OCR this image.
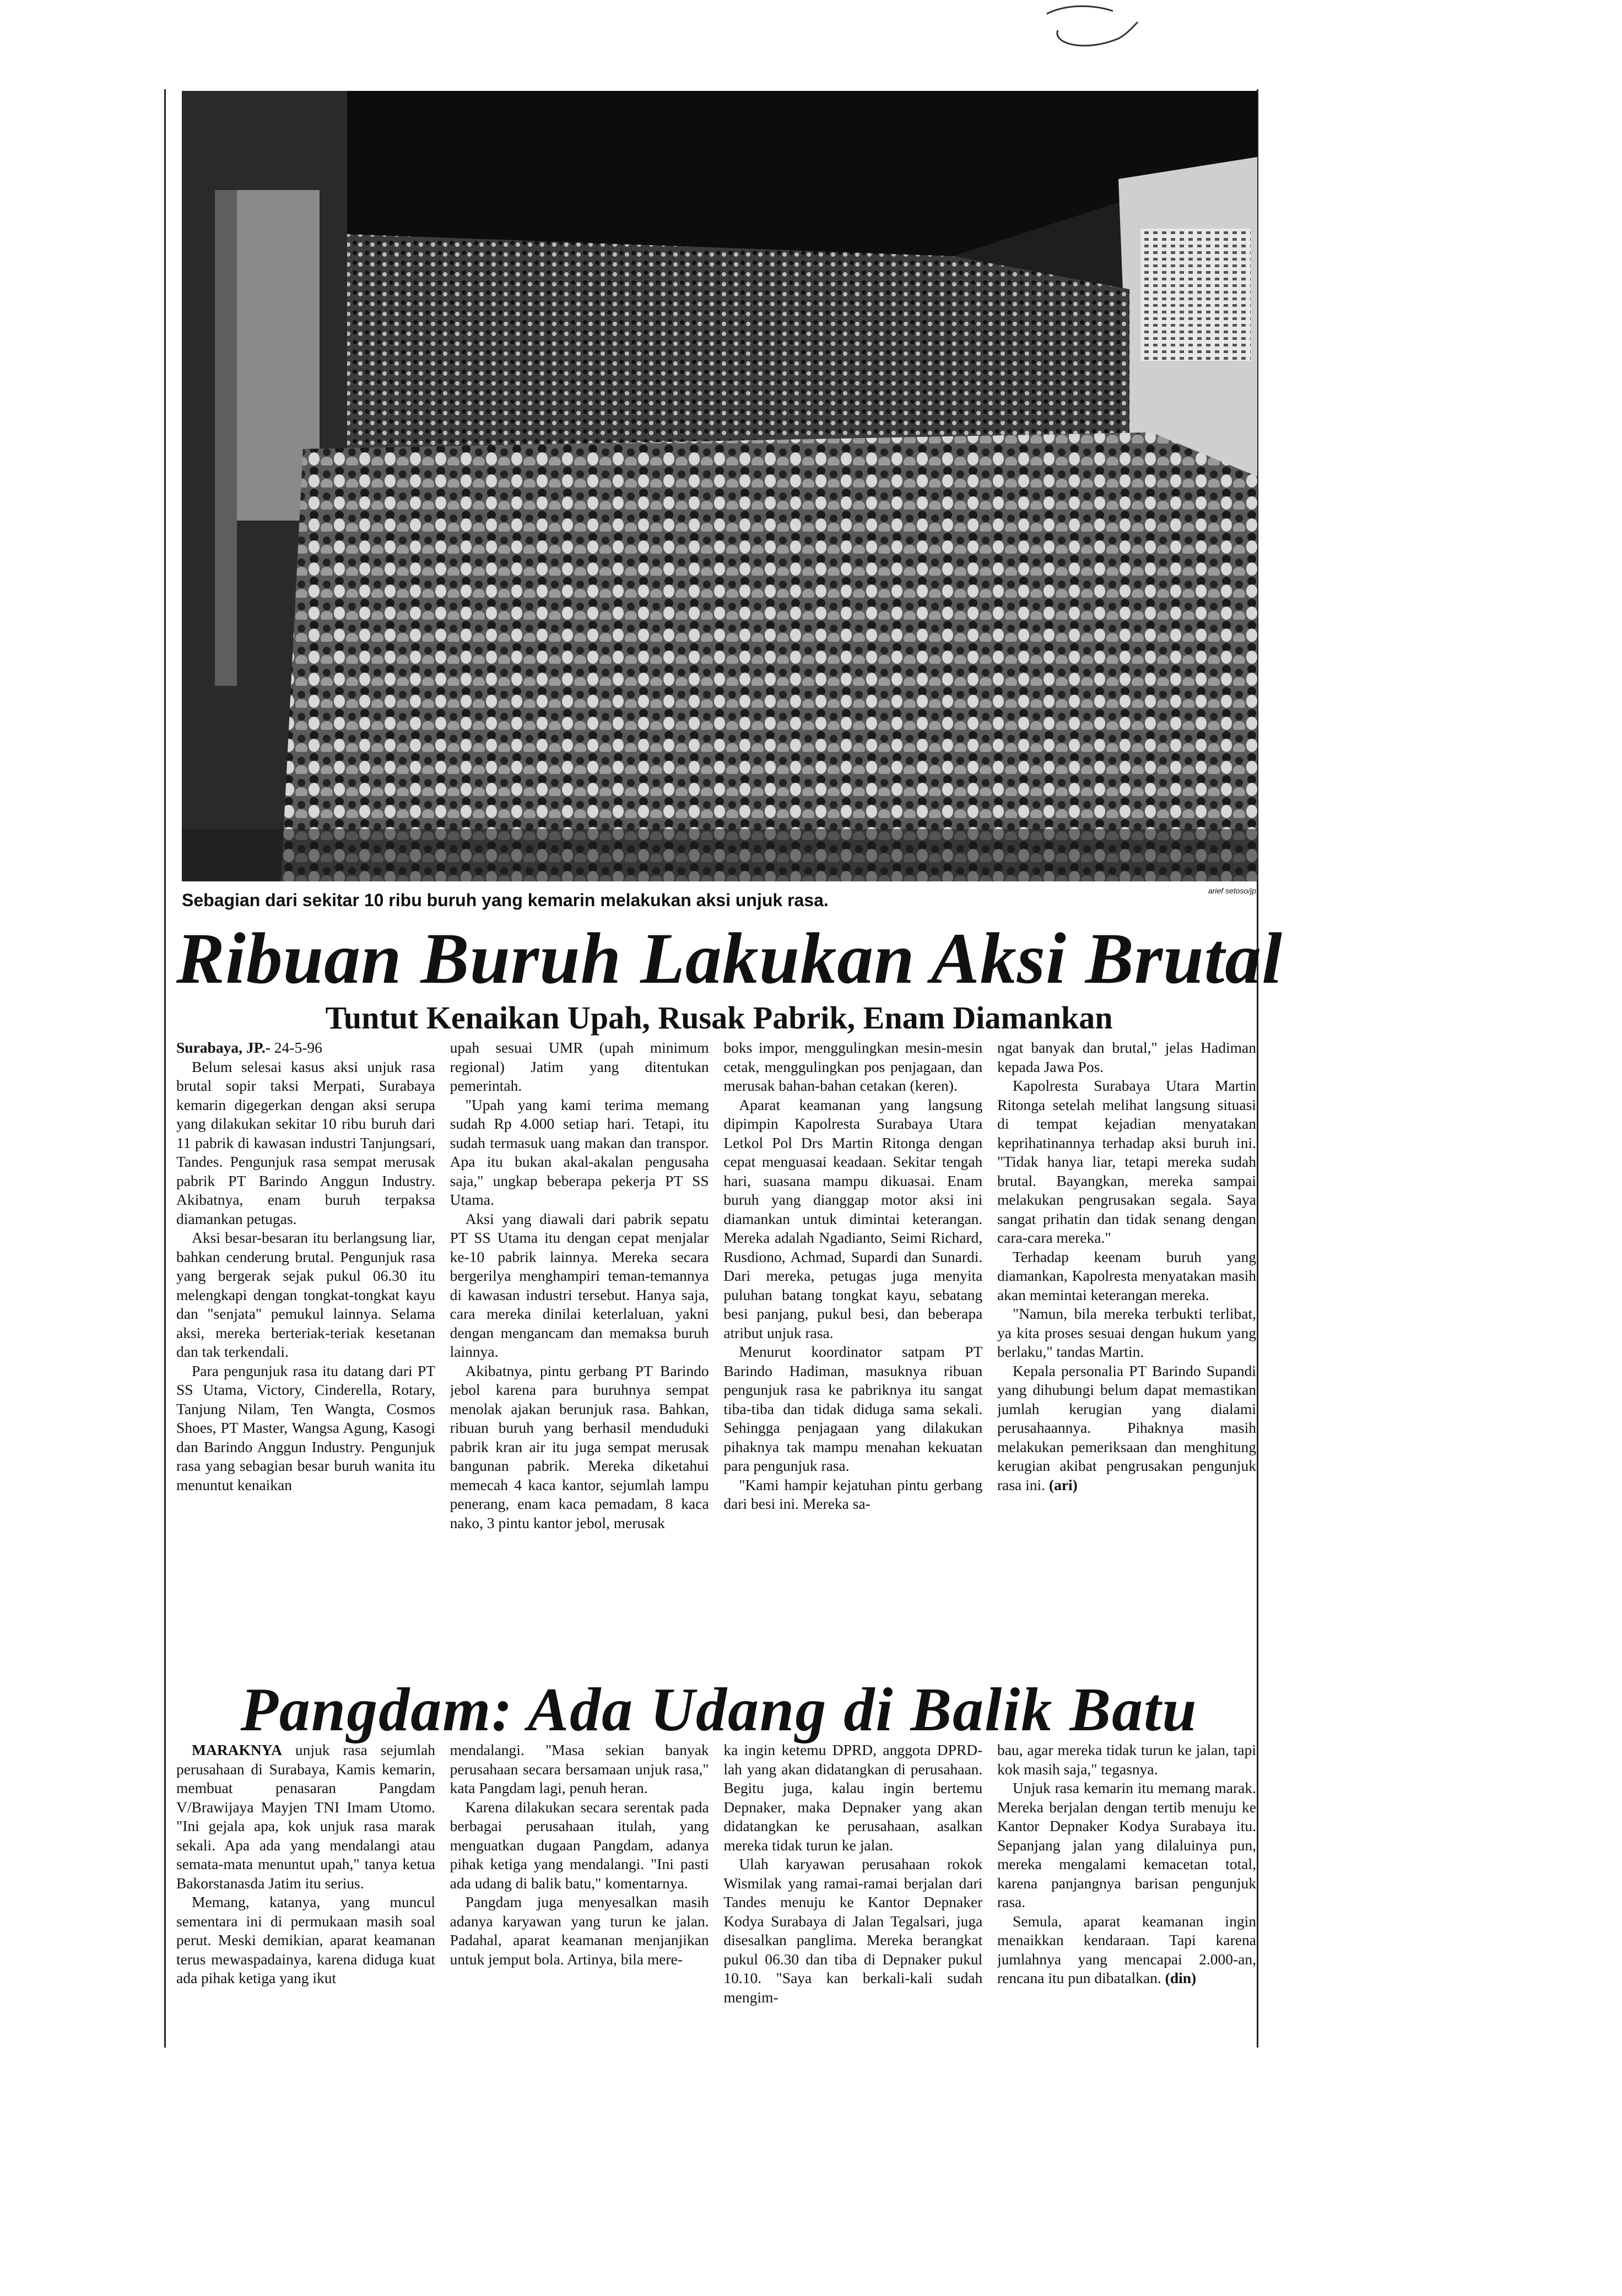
Sebagian dari sekitar 10 ribu buruh yang kemarin melakukan aksi unjuk rasa.	arief setoso/jp
Ribuan Buruh Lakukan Aksi Brutal
Tuntut Kenaikan Upah, Rusak Pabrik, Enam Diamankan

Surabaya, JP.- 24-5-96

Belum selesai kasus aksi unjuk rasa brutal sopir taksi Merpati, Surabaya kemarin digegerkan dengan aksi serupa yang dilakukan sekitar 10 ribu buruh dari 11 pabrik di kawasan industri Tanjungsari, Tandes. Pengunjuk rasa sempat merusak pabrik PT Barindo Anggun Industry. Akibatnya, enam buruh terpaksa diamankan petugas.

Aksi besar-besaran itu berlangsung liar, bahkan cenderung brutal. Pengunjuk rasa yang bergerak sejak pukul 06.30 itu melengkapi dengan tongkat-tongkat kayu dan "senjata" pemukul lainnya. Selama aksi, mereka berteriak-teriak kesetanan dan tak terkendali.

Para pengunjuk rasa itu datang dari PT SS Utama, Victory, Cinderella, Rotary, Tanjung Nilam, Ten Wangta, Cosmos Shoes, PT Master, Wangsa Agung, Kasogi dan Barindo Anggun Industry. Pengunjuk rasa yang sebagian besar buruh wanita itu menuntut kenaikan

upah sesuai UMR (upah minimum regional) Jatim yang ditentukan pemerintah.

"Upah yang kami terima memang sudah Rp 4.000 setiap hari. Tetapi, itu sudah termasuk uang makan dan transpor. Apa itu bukan akal-akalan pengusaha saja," ungkap beberapa pekerja PT SS Utama.

Aksi yang diawali dari pabrik sepatu PT SS Utama itu dengan cepat menjalar ke-10 pabrik lainnya. Mereka secara bergerilya menghampiri teman-temannya di kawasan industri tersebut. Hanya saja, cara mereka dinilai keterlaluan, yakni dengan mengancam dan memaksa buruh lainnya.

Akibatnya, pintu gerbang PT Barindo jebol karena para buruhnya sempat menolak ajakan berunjuk rasa. Bahkan, ribuan buruh yang berhasil menduduki pabrik kran air itu juga sempat merusak bangunan pabrik. Mereka diketahui memecah 4 kaca kantor, sejumlah lampu penerang, enam kaca pemadam, 8 kaca nako, 3 pintu kantor jebol, merusak

boks impor, menggulingkan mesin-mesin cetak, menggulingkan pos penjagaan, dan merusak bahan-bahan cetakan (keren).

Aparat keamanan yang langsung dipimpin Kapolresta Surabaya Utara Letkol Pol Drs Martin Ritonga dengan cepat menguasai keadaan. Sekitar tengah hari, suasana mampu dikuasai. Enam buruh yang dianggap motor aksi ini diamankan untuk dimintai keterangan. Mereka adalah Ngadianto, Seimi Richard, Rusdiono, Achmad, Supardi dan Sunardi. Dari mereka, petugas juga menyita puluhan batang tongkat kayu, sebatang besi panjang, pukul besi, dan beberapa atribut unjuk rasa.

Menurut koordinator satpam PT Barindo Hadiman, masuknya ribuan pengunjuk rasa ke pabriknya itu sangat tiba-tiba dan tidak diduga sama sekali. Sehingga penjagaan yang dilakukan pihaknya tak mampu menahan kekuatan para pengunjuk rasa.

"Kami hampir kejatuhan pintu gerbang dari besi ini. Mereka sa-

ngat banyak dan brutal," jelas Hadiman kepada Jawa Pos.

Kapolresta Surabaya Utara Martin Ritonga setelah melihat langsung situasi di tempat kejadian menyatakan keprihatinannya terhadap aksi buruh ini. "Tidak hanya liar, tetapi mereka sudah brutal. Bayangkan, mereka sampai melakukan pengrusakan segala. Saya sangat prihatin dan tidak senang dengan cara-cara mereka."

Terhadap keenam buruh yang diamankan, Kapolresta menyatakan masih akan memintai keterangan mereka.

"Namun, bila mereka terbukti terlibat, ya kita proses sesuai dengan hukum yang berlaku," tandas Martin.

Kepala personalia PT Barindo Supandi yang dihubungi belum dapat memastikan jumlah kerugian yang dialami perusahaannya. Pihaknya masih melakukan pemeriksaan dan menghitung kerugian akibat pengrusakan pengunjuk rasa ini. (ari)

Pangdam: Ada Udang di Balik Batu

MARAKNYA unjuk rasa sejumlah perusahaan di Surabaya, Kamis kemarin, membuat penasaran Pangdam V/Brawijaya Mayjen TNI Imam Utomo. "Ini gejala apa, kok unjuk rasa marak sekali. Apa ada yang mendalangi atau semata-mata menuntut upah," tanya ketua Bakorstanasda Jatim itu serius.

Memang, katanya, yang muncul sementara ini di permukaan masih soal perut. Meski demikian, aparat keamanan terus mewaspadainya, karena diduga kuat ada pihak ketiga yang ikut

mendalangi. "Masa sekian banyak perusahaan secara bersamaan unjuk rasa," kata Pangdam lagi, penuh heran.

Karena dilakukan secara serentak pada berbagai perusahaan itulah, yang menguatkan dugaan Pangdam, adanya pihak ketiga yang mendalangi. "Ini pasti ada udang di balik batu," komentarnya.

Pangdam juga menyesalkan masih adanya karyawan yang turun ke jalan. Padahal, aparat keamanan menjanjikan untuk jemput bola. Artinya, bila mere-

ka ingin ketemu DPRD, anggota DPRD-lah yang akan didatangkan di perusahaan. Begitu juga, kalau ingin bertemu Depnaker, maka Depnaker yang akan didatangkan ke perusahaan, asalkan mereka tidak turun ke jalan.

Ulah karyawan perusahaan rokok Wismilak yang ramai-ramai berjalan dari Tandes menuju ke Kantor Depnaker Kodya Surabaya di Jalan Tegalsari, juga disesalkan panglima. Mereka berangkat pukul 06.30 dan tiba di Depnaker pukul 10.10. "Saya kan berkali-kali sudah mengim-

bau, agar mereka tidak turun ke jalan, tapi kok masih saja," tegasnya.

Unjuk rasa kemarin itu memang marak. Mereka berjalan dengan tertib menuju ke Kantor Depnaker Kodya Surabaya itu. Sepanjang jalan yang dilaluinya pun, mereka mengalami kemacetan total, karena panjangnya barisan pengunjuk rasa.

Semula, aparat keamanan ingin menaikkan kendaraan. Tapi karena jumlahnya yang mencapai 2.000-an, rencana itu pun dibatalkan. (din)
